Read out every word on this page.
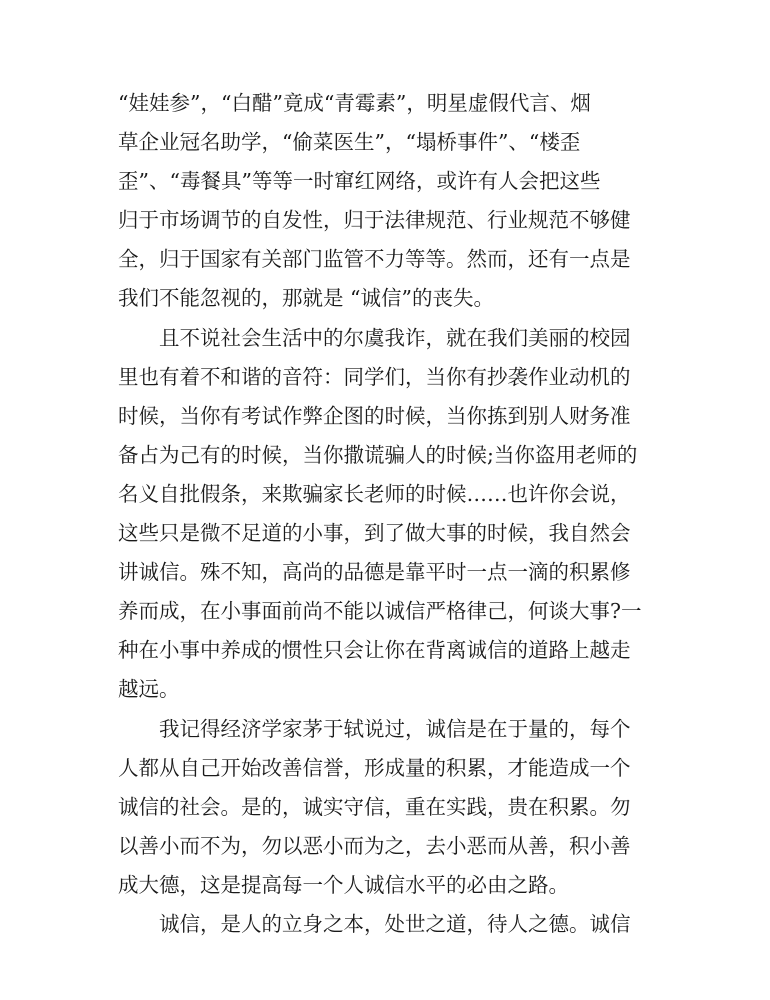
“娃娃参”，“白醋”竟成“青霉素”，明星虚假代言、烟
草企业冠名助学，“偷菜医生”，“塌桥事件”、“楼歪
歪”、“毒餐具”等等一时窜红网络，或许有人会把这些
归于市场调节的自发性，归于法律规范、行业规范不够健
全，归于国家有关部门监管不力等等。然而，还有一点是
我们不能忽视的，那就是 “诚信”的丧失。
且不说社会生活中的尔虞我诈，就在我们美丽的校园
里也有着不和谐的音符：同学们，当你有抄袭作业动机的
时候，当你有考试作弊企图的时候，当你拣到别人财务准
备占为己有的时候，当你撒谎骗人的时候;当你盗用老师的
名义自批假条，来欺骗家长老师的时候……也许你会说，
这些只是微不足道的小事，到了做大事的时候，我自然会
讲诚信。殊不知，高尚的品德是靠平时一点一滴的积累修
养而成，在小事面前尚不能以诚信严格律己，何谈大事?一
种在小事中养成的惯性只会让你在背离诚信的道路上越走
越远。
我记得经济学家茅于轼说过，诚信是在于量的，每个
人都从自己开始改善信誉，形成量的积累，才能造成一个
诚信的社会。是的，诚实守信，重在实践，贵在积累。勿
以善小而不为，勿以恶小而为之，去小恶而从善，积小善
成大德，这是提高每一个人诚信水平的必由之路。
诚信，是人的立身之本，处世之道，待人之德。诚信
